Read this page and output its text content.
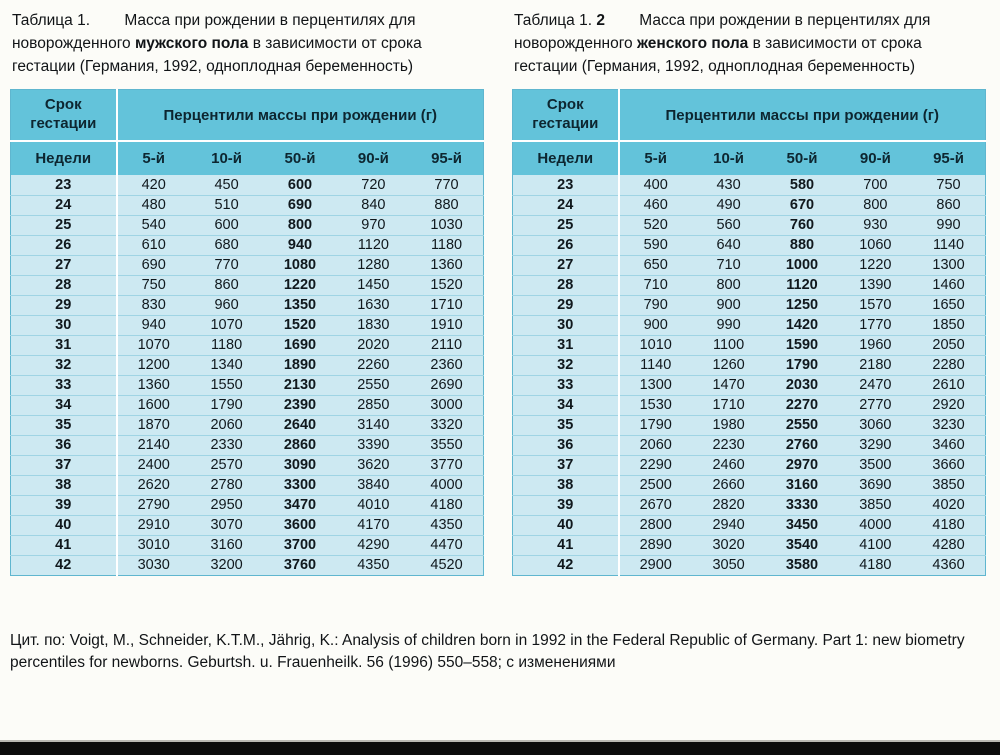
Таблица 1. Масса при рождении в перцентилях для новорожденного мужского пола в зависимости от срока гестации (Германия, 1992, одноплодная беременность)

Срок
гестации	Перцентили массы при рождении (г)				
Недели	5-й	10-й	50-й	90-й	95-й
23	420	450	600	720	770
24	480	510	690	840	880
25	540	600	800	970	1030
26	610	680	940	1120	1180
27	690	770	1080	1280	1360
28	750	860	1220	1450	1520
29	830	960	1350	1630	1710
30	940	1070	1520	1830	1910
31	1070	1180	1690	2020	2110
32	1200	1340	1890	2260	2360
33	1360	1550	2130	2550	2690
34	1600	1790	2390	2850	3000
35	1870	2060	2640	3140	3320
36	2140	2330	2860	3390	3550
37	2400	2570	3090	3620	3770
38	2620	2780	3300	3840	4000
39	2790	2950	3470	4010	4180
40	2910	3070	3600	4170	4350
41	3010	3160	3700	4290	4470
42	3030	3200	3760	4350	4520

Таблица 1. 2 Масса при рождении в перцентилях для новорожденного женского пола в зависимости от срока гестации (Германия, 1992, одноплодная беременность)

Срок
гестации	Перцентили массы при рождении (г)				
Недели	5-й	10-й	50-й	90-й	95-й
23	400	430	580	700	750
24	460	490	670	800	860
25	520	560	760	930	990
26	590	640	880	1060	1140
27	650	710	1000	1220	1300
28	710	800	1120	1390	1460
29	790	900	1250	1570	1650
30	900	990	1420	1770	1850
31	1010	1100	1590	1960	2050
32	1140	1260	1790	2180	2280
33	1300	1470	2030	2470	2610
34	1530	1710	2270	2770	2920
35	1790	1980	2550	3060	3230
36	2060	2230	2760	3290	3460
37	2290	2460	2970	3500	3660
38	2500	2660	3160	3690	3850
39	2670	2820	3330	3850	4020
40	2800	2940	3450	4000	4180
41	2890	3020	3540	4100	4280
42	2900	3050	3580	4180	4360

Цит. по: Voigt, M., Schneider, K.T.M., Jährig, K.: Analysis of children born in 1992 in the Federal Republic of Germany. Part 1: new biometry percentiles for newborns. Geburtsh. u. Frauenheilk. 56 (1996) 550–558; с изменениями
